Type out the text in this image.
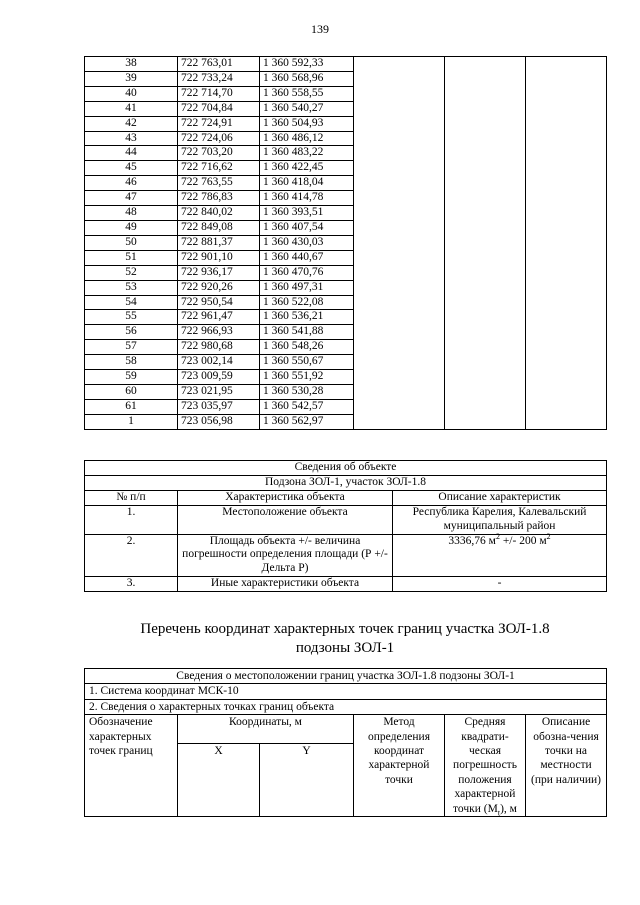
139
38	722 763,01	1 360 592,33			
39	722 733,24	1 360 568,96			
40	722 714,70	1 360 558,55			
41	722 704,84	1 360 540,27			
42	722 724,91	1 360 504,93			
43	722 724,06	1 360 486,12			
44	722 703,20	1 360 483,22			
45	722 716,62	1 360 422,45			
46	722 763,55	1 360 418,04			
47	722 786,83	1 360 414,78			
48	722 840,02	1 360 393,51			
49	722 849,08	1 360 407,54			
50	722 881,37	1 360 430,03			
51	722 901,10	1 360 440,67			
52	722 936,17	1 360 470,76			
53	722 920,26	1 360 497,31			
54	722 950,54	1 360 522,08			
55	722 961,47	1 360 536,21			
56	722 966,93	1 360 541,88			
57	722 980,68	1 360 548,26			
58	723 002,14	1 360 550,67			
59	723 009,59	1 360 551,92			
60	723 021,95	1 360 530,28			
61	723 035,97	1 360 542,57			
1	723 056,98	1 360 562,97			
Сведения об объекте		
Подзона ЗОЛ-1, участок ЗОЛ-1.8		
№ п/п	Характеристика объекта	Описание характеристик
1.	Местоположение объекта	Республика Карелия, Калевальский муниципальный район
2.	Площадь объекта +/- величина погрешности определения площади (Р +/- Дельта Р)	3336,76 $м^2$ +/- 200 $м^2$
3.	Иные характеристики объекта	-
Перечень координат характерных точек границ участка ЗОЛ-1.8
подзоны ЗОЛ-1
Сведения о местоположении границ участка ЗОЛ-1.8 подзоны ЗОЛ-1					
1. Система координат МСК-10					
2. Сведения о характерных точках границ объекта					
Обозначение характерных точек границ	Координаты, м		Метод определения координат характерной точки	Средняя квадрати-ческая погрешность положения характерной точки $(M_t)$, м	Описание обозна-чения точки на местности (при наличии)
	X	Y			
